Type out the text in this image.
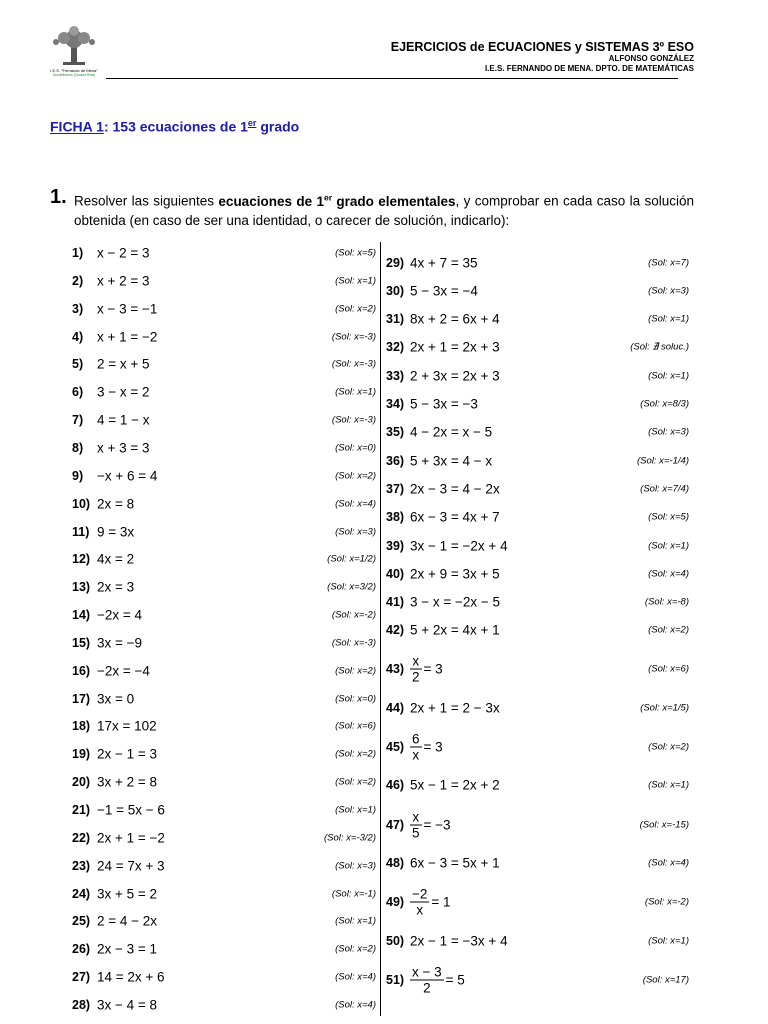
I.E.S. "Fernando de Mena"
Socuéllamos (Ciudad Real)
EJERCICIOS de ECUACIONES y SISTEMAS 3º ESO
ALFONSO GONZÁLEZ
I.E.S. FERNANDO DE MENA. DPTO. DE MATEMÁTICAS
FICHA 1: 153 ecuaciones de 1er grado
1. Resolver las siguientes ecuaciones de 1er grado elementales, y comprobar en cada caso la solución obtenida (en caso de ser una identidad, o carecer de solución, indicarlo):

1) x − 2 = 3	(Sol: x=5)
2) x + 2 = 3	(Sol: x=1)
3) x − 3 = −1	(Sol: x=2)
4) x + 1 = −2	(Sol: x=-3)
5) 2 = x + 5	(Sol: x=-3)
6) 3 − x = 2	(Sol: x=1)
7) 4 = 1 − x	(Sol: x=-3)
8) x + 3 = 3	(Sol: x=0)
9) −x + 6 = 4	(Sol: x=2)
10) 2x = 8	(Sol: x=4)
11) 9 = 3x	(Sol: x=3)
12) 4x = 2	(Sol: x=1/2)
13) 2x = 3	(Sol: x=3/2)
14) −2x = 4	(Sol: x=-2)
15) 3x = −9	(Sol: x=-3)
16) −2x = −4	(Sol: x=2)
17) 3x = 0	(Sol: x=0)
18) 17x = 102	(Sol: x=6)
19) 2x − 1 = 3	(Sol: x=2)
20) 3x + 2 = 8	(Sol: x=2)
21) −1 = 5x − 6	(Sol: x=1)
22) 2x + 1 = −2	(Sol: x=-3/2)
23) 24 = 7x + 3	(Sol: x=3)
24) 3x + 5 = 2	(Sol: x=-1)
25) 2 = 4 − 2x	(Sol: x=1)
26) 2x − 3 = 1	(Sol: x=2)
27) 14 = 2x + 6	(Sol: x=4)
28) 3x − 4 = 8	(Sol: x=4)
29) 4x + 7 = 35	(Sol: x=7)
30) 5 − 3x = −4	(Sol: x=3)
31) 8x + 2 = 6x + 4	(Sol: x=1)
32) 2x + 1 = 2x + 3	(Sol: ∄ soluc.)
33) 2 + 3x = 2x + 3	(Sol: x=1)
34) 5 − 3x = −3	(Sol: x=8/3)
35) 4 − 2x = x − 5	(Sol: x=3)
36) 5 + 3x = 4 − x	(Sol: x=-1/4)
37) 2x − 3 = 4 − 2x	(Sol: x=7/4)
38) 6x − 3 = 4x + 7	(Sol: x=5)
39) 3x − 1 = −2x + 4	(Sol: x=1)
40) 2x + 9 = 3x + 5	(Sol: x=4)
41) 3 − x = −2x − 5	(Sol: x=-8)
42) 5 + 2x = 4x + 1	(Sol: x=2)
$43) \frac{x}{2} = 3$	(Sol: x=6)
44) 2x + 1 = 2 − 3x	(Sol: x=1/5)
$45) \frac{6}{x} = 3$	(Sol: x=2)
46) 5x − 1 = 2x + 2	(Sol: x=1)
$47) \frac{x}{5} = -3$	(Sol: x=-15)
48) 6x − 3 = 5x + 1	(Sol: x=4)
$49) \frac{-2}{x} = 1$	(Sol: x=-2)
50) 2x − 1 = −3x + 4	(Sol: x=1)
$51) \frac{x - 3}{2} = 5$	(Sol: x=17)
